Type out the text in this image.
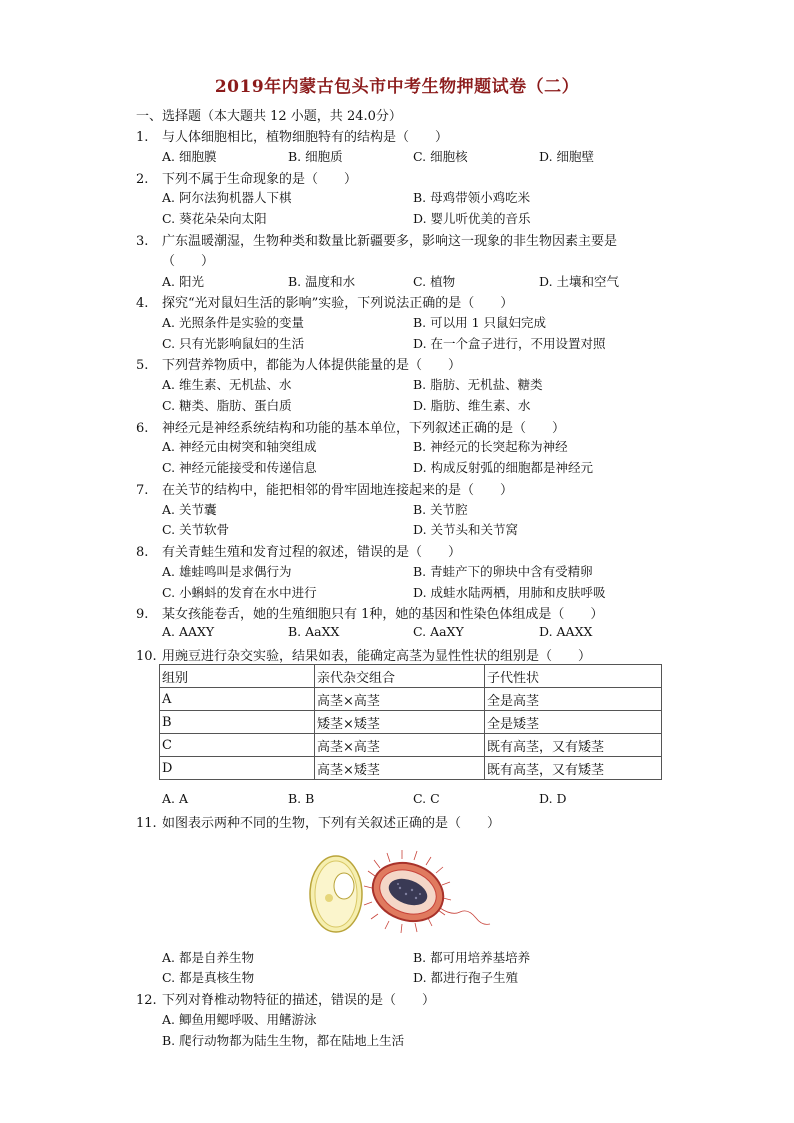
2019年内蒙古包头市中考生物押题试卷（二）
一、选择题（本大题共 12 小题，共 24.0分）
1. 与人体细胞相比，植物细胞特有的结构是（　　）
A. 细胞膜	B. 细胞质	C. 细胞核	D. 细胞壁
2. 下列不属于生命现象的是（　　）
A. 阿尔法狗机器人下棋	B. 母鸡带领小鸡吃米
C. 葵花朵朵向太阳	D. 婴儿听优美的音乐
3. 广东温暖潮湿，生物种类和数量比新疆要多，影响这一现象的非生物因素主要是
（　　）
A. 阳光	B. 温度和水	C. 植物	D. 土壤和空气
4. 探究“光对鼠妇生活的影响”实验，下列说法正确的是（　　）
A. 光照条件是实验的变量	B. 可以用 1 只鼠妇完成
C. 只有光影响鼠妇的生活	D. 在一个盒子进行，不用设置对照
5. 下列营养物质中，都能为人体提供能量的是（　　）
A. 维生素、无机盐、水	B. 脂肪、无机盐、糖类
C. 糖类、脂肪、蛋白质	D. 脂肪、维生素、水
6. 神经元是神经系统结构和功能的基本单位，下列叙述正确的是（　　）
A. 神经元由树突和轴突组成	B. 神经元的长突起称为神经
C. 神经元能接受和传递信息	D. 构成反射弧的细胞都是神经元
7. 在关节的结构中，能把相邻的骨牢固地连接起来的是（　　）
A. 关节囊	B. 关节腔
C. 关节软骨	D. 关节头和关节窝
8. 有关青蛙生殖和发育过程的叙述，错误的是（　　）
A. 雄蛙鸣叫是求偶行为	B. 青蛙产下的卵块中含有受精卵
C. 小蝌蚪的发育在水中进行	D. 成蛙水陆两栖，用肺和皮肤呼吸
9. 某女孩能卷舌，她的生殖细胞只有 1种，她的基因和性染色体组成是（　　）
A. AAXY	B. AaXX	C. AaXY	D. AAXX
10. 用豌豆进行杂交实验，结果如表，能确定高茎为显性性状的组别是（　　）
组别	亲代杂交组合	子代性状
A	高茎×高茎	全是高茎
B	矮茎×矮茎	全是矮茎
C	高茎×高茎	既有高茎，又有矮茎
D	高茎×矮茎	既有高茎，又有矮茎
A. A	B. B	C. C	D. D
11. 如图表示两种不同的生物，下列有关叙述正确的是（　　）
A. 都是自养生物	B. 都可用培养基培养
C. 都是真核生物	D. 都进行孢子生殖
12. 下列对脊椎动物特征的描述，错误的是（　　）
A. 鲫鱼用鳃呼吸、用鳍游泳
B. 爬行动物都为陆生生物，都在陆地上生活
